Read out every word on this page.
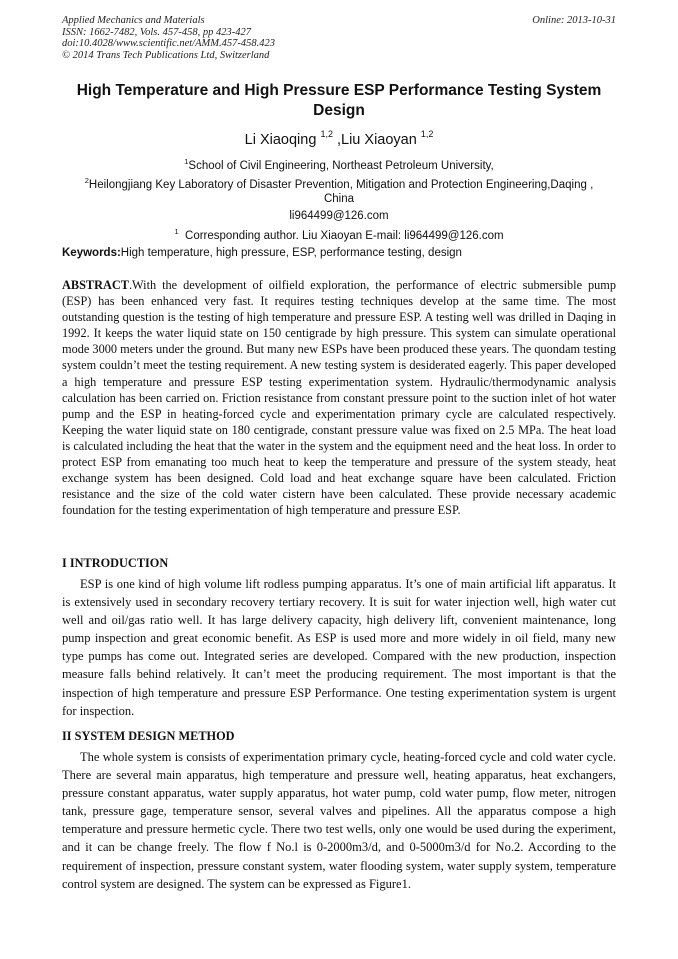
Applied Mechanics and Materials
ISSN: 1662-7482, Vols. 457-458, pp 423-427
doi:10.4028/www.scientific.net/AMM.457-458.423
© 2014 Trans Tech Publications Ltd, Switzerland
Online: 2013-10-31
High Temperature and High Pressure ESP Performance Testing System Design
Li Xiaoqing $^{1,2}$ ,Liu Xiaoyan $^{1,2}$
$^1$School of Civil Engineering, Northeast Petroleum University,
$^2$Heilongjiang Key Laboratory of Disaster Prevention, Mitigation and Protection Engineering,Daqing ,
China
li964499@126.com
$^1$ Corresponding author. Liu Xiaoyan E-mail: li964499@126.com
Keywords:High temperature, high pressure, ESP, performance testing, design

ABSTRACT.With the development of oilfield exploration, the performance of electric submersible pump (ESP) has been enhanced very fast. It requires testing techniques develop at the same time. The most outstanding question is the testing of high temperature and pressure ESP. A testing well was drilled in Daqing in 1992. It keeps the water liquid state on 150 centigrade by high pressure. This system can simulate operational mode 3000 meters under the ground. But many new ESPs have been produced these years. The quondam testing system couldn’t meet the testing requirement. A new testing system is desiderated eagerly. This paper developed a high temperature and pressure ESP testing experimentation system. Hydraulic/thermodynamic analysis calculation has been carried on. Friction resistance from constant pressure point to the suction inlet of hot water pump and the ESP in heating-forced cycle and experimentation primary cycle are calculated respectively. Keeping the water liquid state on 180 centigrade, constant pressure value was fixed on 2.5 MPa. The heat load is calculated including the heat that the water in the system and the equipment need and the heat loss. In order to protect ESP from emanating too much heat to keep the temperature and pressure of the system steady, heat exchange system has been designed. Cold load and heat exchange square have been calculated. Friction resistance and the size of the cold water cistern have been calculated. These provide necessary academic foundation for the testing experimentation of high temperature and pressure ESP.

I INTRODUCTION

ESP is one kind of high volume lift rodless pumping apparatus. It’s one of main artificial lift apparatus. It is extensively used in secondary recovery tertiary recovery. It is suit for water injection well, high water cut well and oil/gas ratio well. It has large delivery capacity, high delivery lift, convenient maintenance, long pump inspection and great economic benefit. As ESP is used more and more widely in oil field, many new type pumps has come out. Integrated series are developed. Compared with the new production, inspection measure falls behind relatively. It can’t meet the producing requirement. The most important is that the inspection of high temperature and pressure ESP Performance. One testing experimentation system is urgent for inspection.

II SYSTEM DESIGN METHOD

The whole system is consists of experimentation primary cycle, heating-forced cycle and cold water cycle. There are several main apparatus, high temperature and pressure well, heating apparatus, heat exchangers, pressure constant apparatus, water supply apparatus, hot water pump, cold water pump, flow meter, nitrogen tank, pressure gage, temperature sensor, several valves and pipelines. All the apparatus compose a high temperature and pressure hermetic cycle. There two test wells, only one would be used during the experiment, and it can be change freely. The flow f No.l is 0-2000m3/d, and 0-5000m3/d for No.2. According to the requirement of inspection, pressure constant system, water flooding system, water supply system, temperature control system are designed. The system can be expressed as Figure1.
